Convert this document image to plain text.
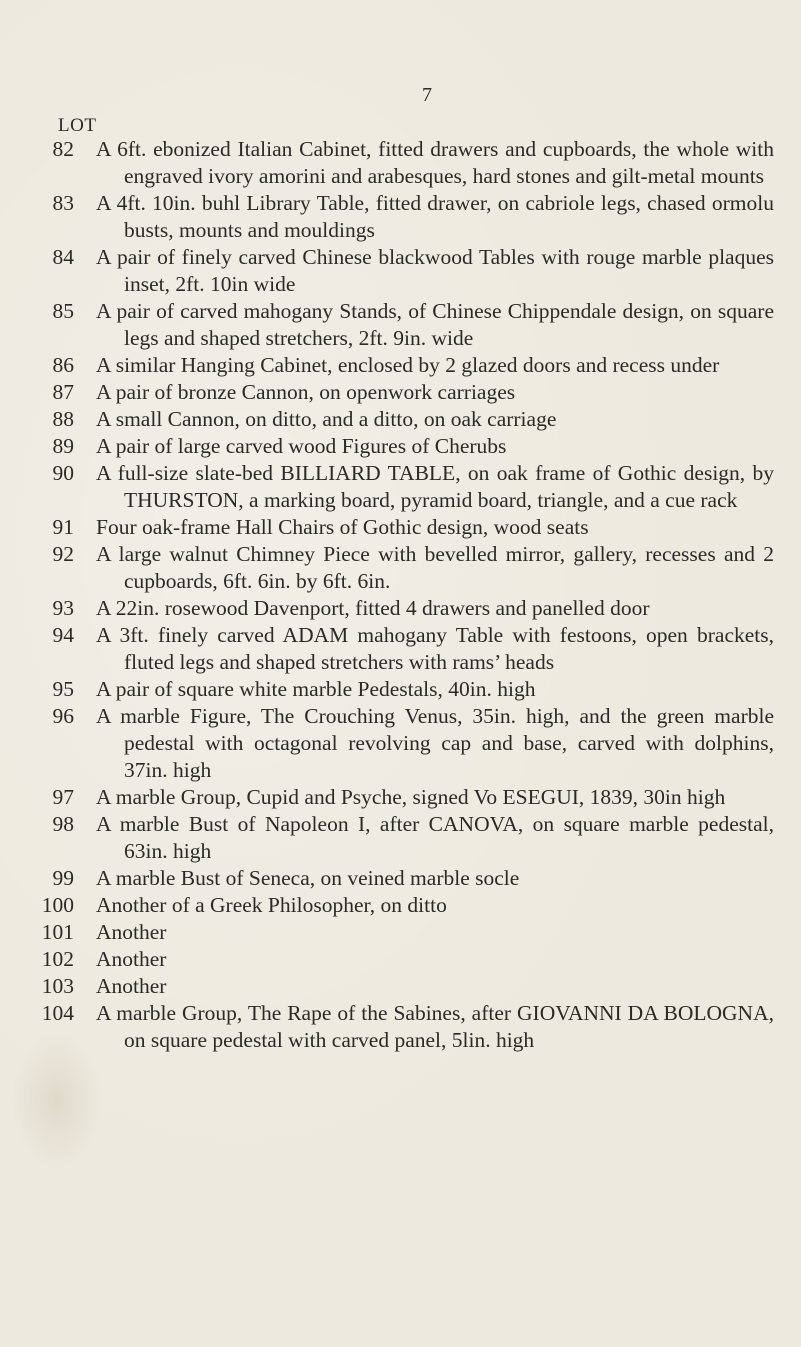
7
LOT
82	A 6ft. ebonized Italian Cabinet, fitted drawers and cupboards, the whole with engraved ivory amorini and arabesques, hard stones and gilt-metal mounts
83	A 4ft. 10in. buhl Library Table, fitted drawer, on cabriole legs, chased ormolu busts, mounts and mouldings
84	A pair of finely carved Chinese blackwood Tables with rouge marble plaques inset, 2ft. 10in wide
85	A pair of carved mahogany Stands, of Chinese Chippendale design, on square legs and shaped stretchers, 2ft. 9in. wide
86	A similar Hanging Cabinet, enclosed by 2 glazed doors and recess under
87	A pair of bronze Cannon, on openwork carriages
88	A small Cannon, on ditto, and a ditto, on oak carriage
89	A pair of large carved wood Figures of Cherubs
90	A full-size slate-bed BILLIARD TABLE, on oak frame of Gothic design, by THURSTON, a marking board, pyramid board, triangle, and a cue rack
91	Four oak-frame Hall Chairs of Gothic design, wood seats
92	A large walnut Chimney Piece with bevelled mirror, gallery, recesses and 2 cupboards, 6ft. 6in. by 6ft. 6in.
93	A 22in. rosewood Davenport, fitted 4 drawers and panelled door
94	A 3ft. finely carved ADAM mahogany Table with festoons, open brackets, fluted legs and shaped stretchers with rams’ heads
95	A pair of square white marble Pedestals, 40in. high
96	A marble Figure, The Crouching Venus, 35in. high, and the green marble pedestal with octagonal revolving cap and base, carved with dolphins, 37in. high
97	A marble Group, Cupid and Psyche, signed Vo ESEGUI, 1839, 30in high
98	A marble Bust of Napoleon I, after CANOVA, on square marble pedestal, 63in. high
99	A marble Bust of Seneca, on veined marble socle
100	Another of a Greek Philosopher, on ditto
101	Another
102	Another
103	Another
104	A marble Group, The Rape of the Sabines, after GIOVANNI DA BOLOGNA, on square pedestal with carved panel, 5lin. high
